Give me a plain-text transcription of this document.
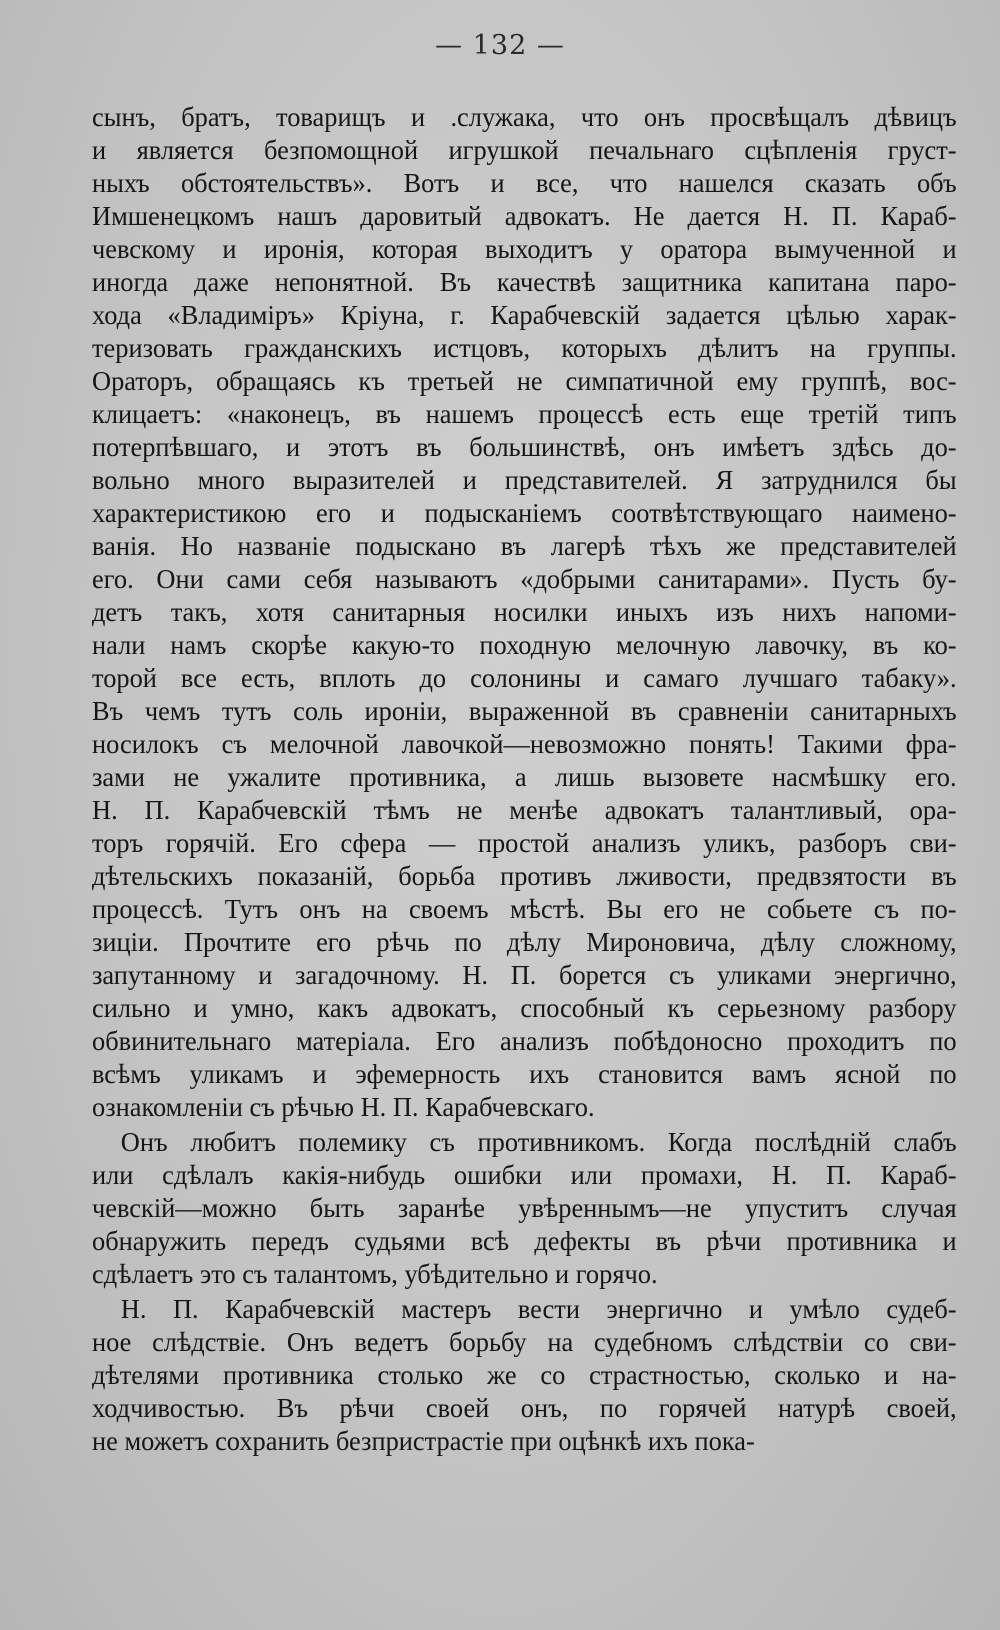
— 132 —
сынъ, братъ, товарищъ и .служака, что онъ просвѣщалъ дѣвицъ
и является безпомощной игрушкой печальнаго сцѣпленія груст-
ныхъ обстоятельствъ». Вотъ и все, что нашелся сказать объ
Имшенецкомъ нашъ даровитый адвокатъ. Не дается Н. П. Караб-
чевскому и иронія, которая выходитъ у оратора вымученной и
иногда даже непонятной. Въ качествѣ защитника капитана паро-
хода «Владиміръ» Кріуна, г. Карабчевскій задается цѣлью харак-
теризовать гражданскихъ истцовъ, которыхъ дѣлитъ на группы.
Ораторъ, обращаясь къ третьей не симпатичной ему группѣ, вос-
клицаетъ: «наконецъ, въ нашемъ процессѣ есть еще третій типъ
потерпѣвшаго, и этотъ въ большинствѣ, онъ имѣетъ здѣсь до-
вольно много выразителей и представителей. Я затруднился бы
характеристикою его и подысканіемъ соотвѣтствующаго наимено-
ванія. Но названіе подыскано въ лагерѣ тѣхъ же представителей
его. Они сами себя называютъ «добрыми санитарами». Пусть бу-
детъ такъ, хотя санитарныя носилки иныхъ изъ нихъ напоми-
нали намъ скорѣе какую-то походную мелочную лавочку, въ ко-
торой все есть, вплоть до солонины и самаго лучшаго табаку».
Въ чемъ тутъ соль ироніи, выраженной въ сравненіи санитарныхъ
носилокъ съ мелочной лавочкой—невозможно понять! Такими фра-
зами не ужалите противника, а лишь вызовете насмѣшку его.
Н. П. Карабчевскій тѣмъ не менѣе адвокатъ талантливый, ора-
торъ горячій. Его сфера — простой анализъ уликъ, разборъ сви-
дѣтельскихъ показаній, борьба противъ лживости, предвзятости въ
процессѣ. Тутъ онъ на своемъ мѣстѣ. Вы его не собьете съ по-
зиціи. Прочтите его рѣчь по дѣлу Мироновича, дѣлу сложному,
запутанному и загадочному. Н. П. борется съ уликами энергично,
сильно и умно, какъ адвокатъ, способный къ серьезному разбору
обвинительнаго матеріала. Его анализъ побѣдоносно проходитъ по
всѣмъ уликамъ и эфемерность ихъ становится вамъ ясной по
ознакомленіи съ рѣчью Н. П. Карабчевскаго.
Онъ любитъ полемику съ противникомъ. Когда послѣдній слабъ
или сдѣлалъ какія-нибудь ошибки или промахи, Н. П. Караб-
чевскій—можно быть заранѣе увѣреннымъ—не упуститъ случая
обнаружить передъ судьями всѣ дефекты въ рѣчи противника и
сдѣлаетъ это съ талантомъ, убѣдительно и горячо.
Н. П. Карабчевскій мастеръ вести энергично и умѣло судеб-
ное слѣдствіе. Онъ ведетъ борьбу на судебномъ слѣдствіи со сви-
дѣтелями противника столько же со страстностью, сколько и на-
ходчивостью. Въ рѣчи своей онъ, по горячей натурѣ своей,
не можетъ сохранить безпристрастіе при оцѣнкѣ ихъ пока-
